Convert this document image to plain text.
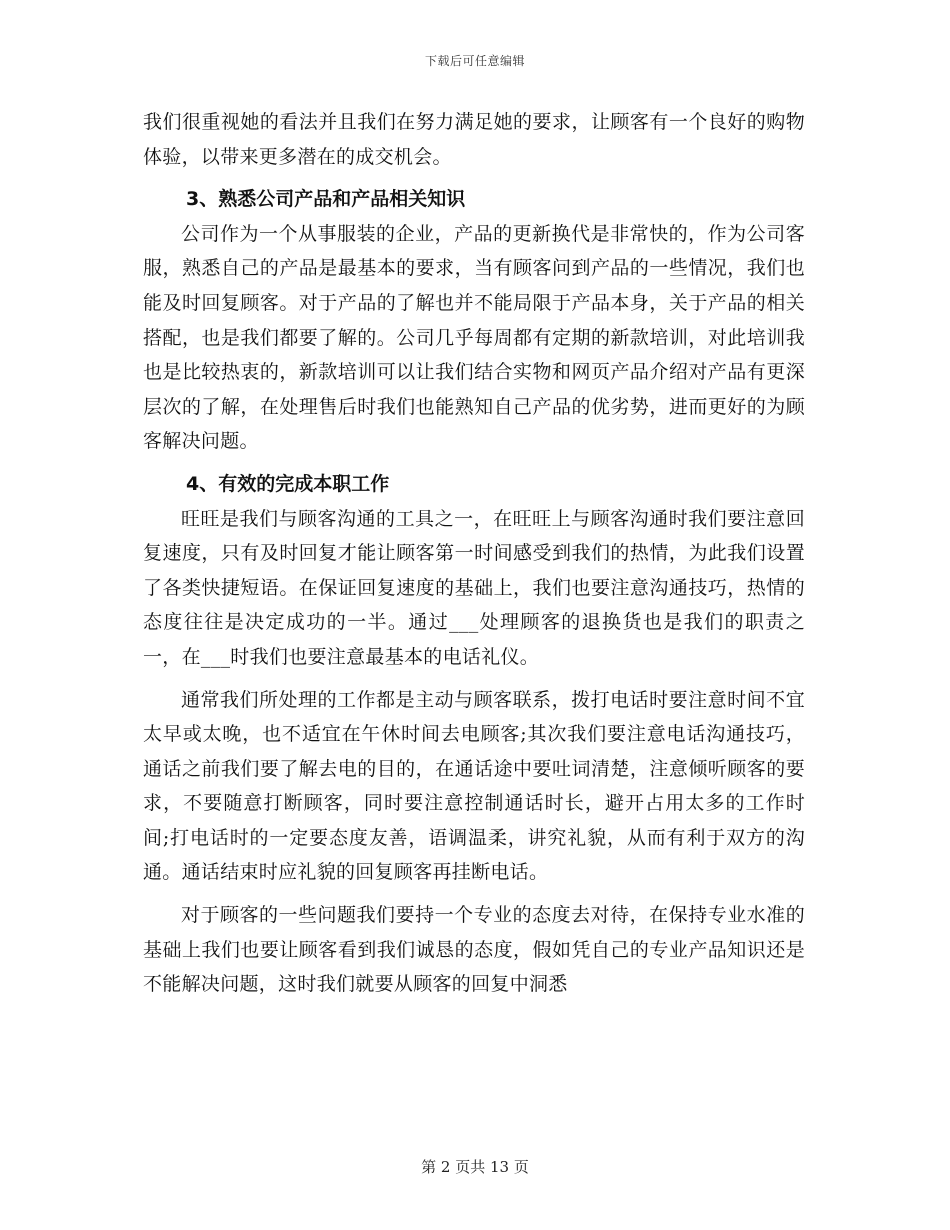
下载后可任意编辑

我们很重视她的看法并且我们在努力满足她的要求，让顾客有一个良好的购物体验，以带来更多潜在的成交机会。

3、熟悉公司产品和产品相关知识

公司作为一个从事服装的企业，产品的更新换代是非常快的，作为公司客服，熟悉自己的产品是最基本的要求，当有顾客问到产品的一些情况，我们也能及时回复顾客。对于产品的了解也并不能局限于产品本身，关于产品的相关搭配，也是我们都要了解的。公司几乎每周都有定期的新款培训，对此培训我也是比较热衷的，新款培训可以让我们结合实物和网页产品介绍对产品有更深层次的了解，在处理售后时我们也能熟知自己产品的优劣势，进而更好的为顾客解决问题。

4、有效的完成本职工作

旺旺是我们与顾客沟通的工具之一，在旺旺上与顾客沟通时我们要注意回复速度，只有及时回复才能让顾客第一时间感受到我们的热情，为此我们设置了各类快捷短语。在保证回复速度的基础上，我们也要注意沟通技巧，热情的态度往往是决定成功的一半。通过___处理顾客的退换货也是我们的职责之一，在___时我们也要注意最基本的电话礼仪。

通常我们所处理的工作都是主动与顾客联系，拨打电话时要注意时间不宜太早或太晚，也不适宜在午休时间去电顾客;其次我们要注意电话沟通技巧，通话之前我们要了解去电的目的，在通话途中要吐词清楚，注意倾听顾客的要求，不要随意打断顾客，同时要注意控制通话时长，避开占用太多的工作时间;打电话时的一定要态度友善，语调温柔，讲究礼貌，从而有利于双方的沟通。通话结束时应礼貌的回复顾客再挂断电话。

对于顾客的一些问题我们要持一个专业的态度去对待，在保持专业水准的基础上我们也要让顾客看到我们诚恳的态度，假如凭自己的专业产品知识还是不能解决问题，这时我们就要从顾客的回复中洞悉

第 2 页共 13 页
